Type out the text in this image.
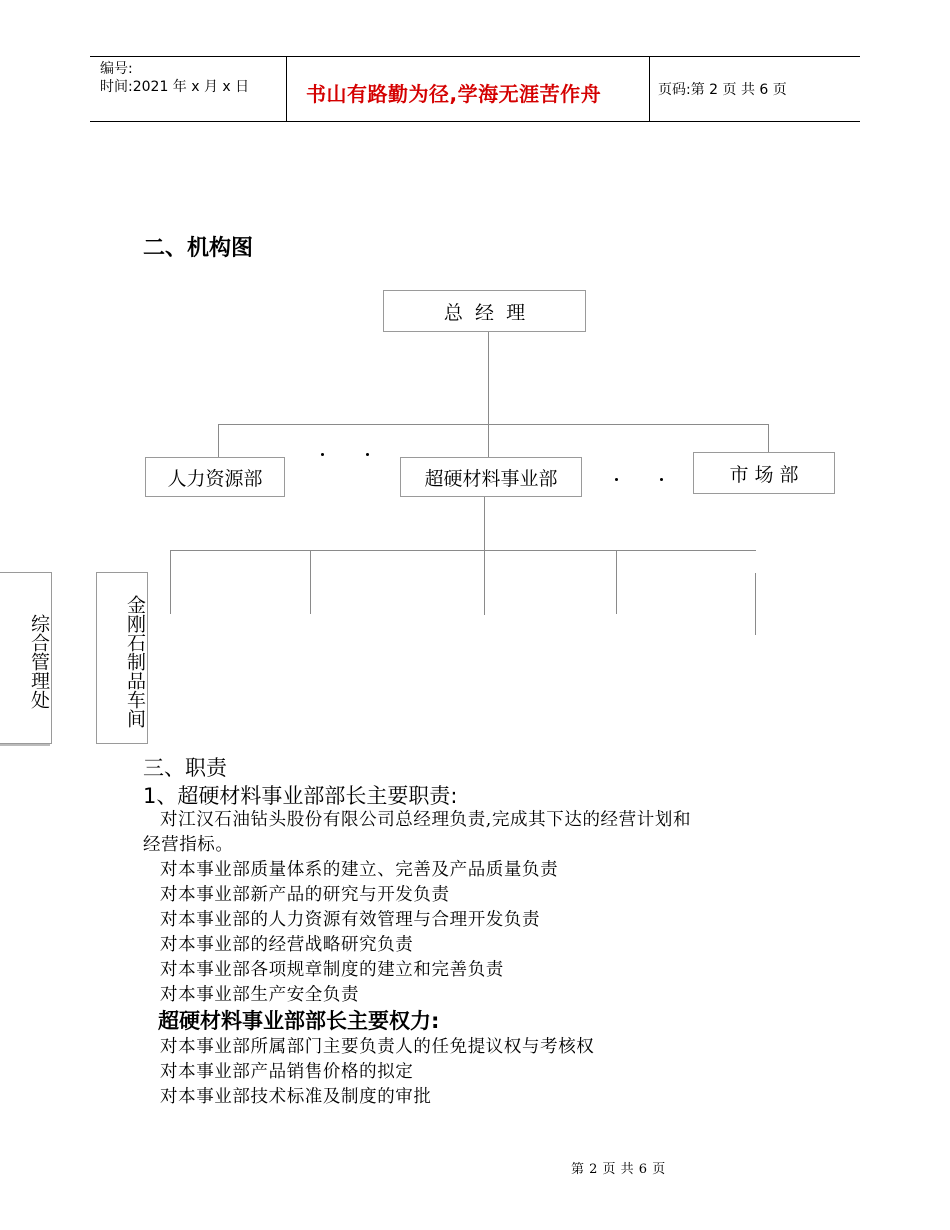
编号:
时间:2021 年 x 月 x 日	书山有路勤为径,学海无涯苦作舟	页码:第 2 页 共 6 页
二、机构图
总  经  理
人力资源部	超硬材料事业部	市 场 部
综合管理处	金刚石制品车间
三、职责
1、超硬材料事业部部长主要职责:
对江汉石油钻头股份有限公司总经理负责,完成其下达的经营计划和
经营指标。
对本事业部质量体系的建立、完善及产品质量负责
对本事业部新产品的研究与开发负责
对本事业部的人力资源有效管理与合理开发负责
对本事业部的经营战略研究负责
对本事业部各项规章制度的建立和完善负责
对本事业部生产安全负责
超硬材料事业部部长主要权力:
对本事业部所属部门主要负责人的任免提议权与考核权
对本事业部产品销售价格的拟定
对本事业部技术标准及制度的审批
第 2 页 共 6 页
